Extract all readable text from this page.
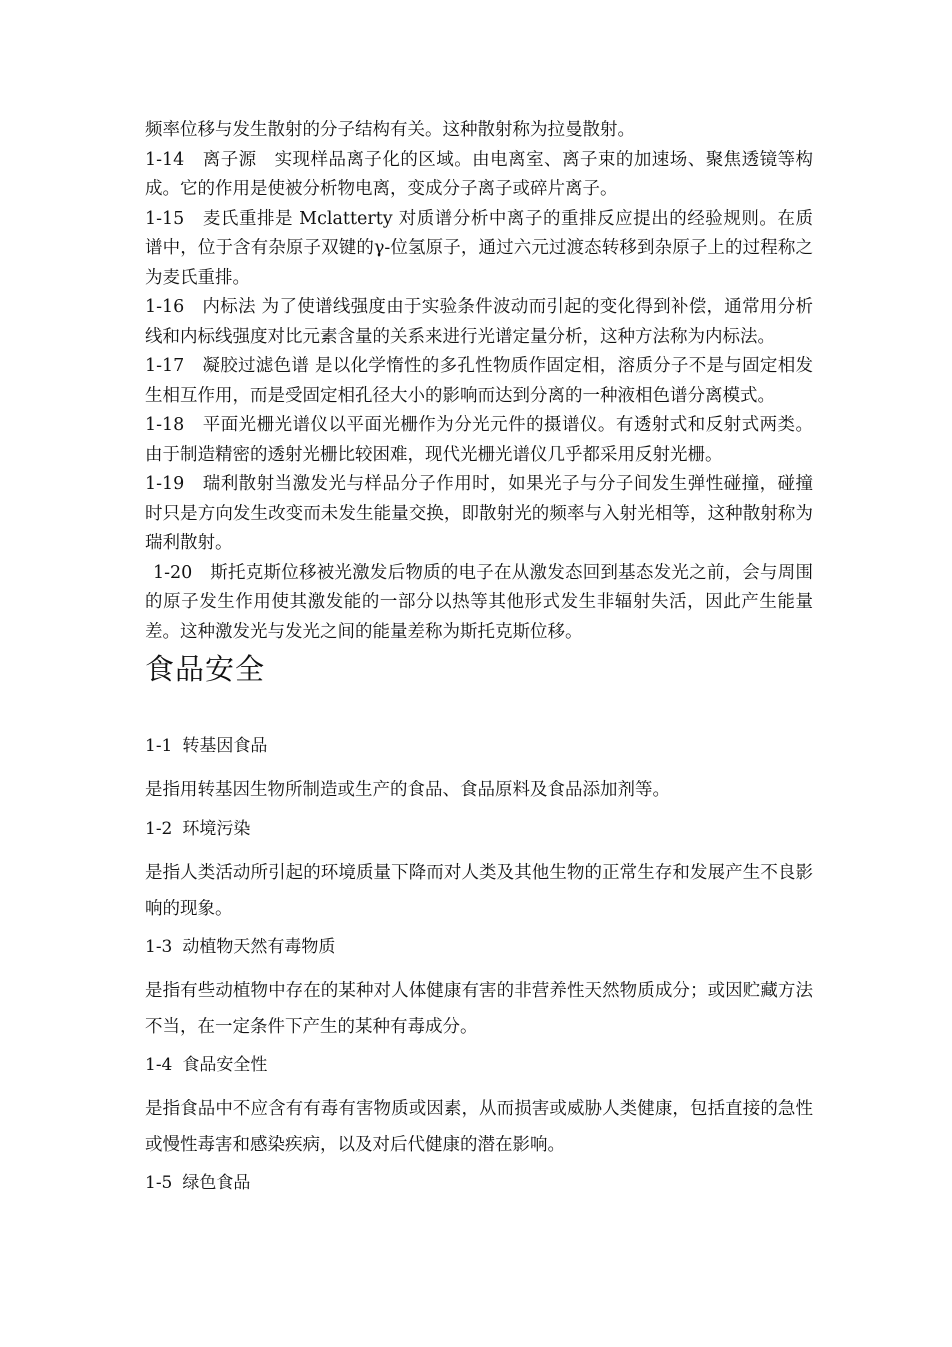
频率位移与发生散射的分子结构有关。这种散射称为拉曼散射。

1-14　离子源　实现样品离子化的区域。由电离室、离子束的加速场、聚焦透镜等构成。它的作用是使被分析物电离，变成分子离子或碎片离子。

1-15　麦氏重排是 Mclatterty 对质谱分析中离子的重排反应提出的经验规则。在质谱中，位于含有杂原子双键的γ-位氢原子，通过六元过渡态转移到杂原子上的过程称之为麦氏重排。

1-16　内标法 为了使谱线强度由于实验条件波动而引起的变化得到补偿，通常用分析线和内标线强度对比元素含量的关系来进行光谱定量分析，这种方法称为内标法。

1-17　凝胶过滤色谱 是以化学惰性的多孔性物质作固定相，溶质分子不是与固定相发生相互作用，而是受固定相孔径大小的影响而达到分离的一种液相色谱分离模式。

1-18　平面光栅光谱仪以平面光栅作为分光元件的摄谱仪。有透射式和反射式两类。由于制造精密的透射光栅比较困难，现代光栅光谱仪几乎都采用反射光栅。

1-19　瑞利散射当激发光与样品分子作用时，如果光子与分子间发生弹性碰撞，碰撞时只是方向发生改变而未发生能量交换，即散射光的频率与入射光相等，这种散射称为瑞利散射。

1-20　斯托克斯位移被光激发后物质的电子在从激发态回到基态发光之前，会与周围的原子发生作用使其激发能的一部分以热等其他形式发生非辐射失活，因此产生能量差。这种激发光与发光之间的能量差称为斯托克斯位移。

食品安全
1-1 转基因食品

是指用转基因生物所制造或生产的食品、食品原料及食品添加剂等。

1-2 环境污染

是指人类活动所引起的环境质量下降而对人类及其他生物的正常生存和发展产生不良影响的现象。

1-3 动植物天然有毒物质

是指有些动植物中存在的某种对人体健康有害的非营养性天然物质成分；或因贮藏方法不当，在一定条件下产生的某种有毒成分。

1-4 食品安全性

是指食品中不应含有有毒有害物质或因素，从而损害或威胁人类健康，包括直接的急性或慢性毒害和感染疾病，以及对后代健康的潜在影响。

1-5 绿色食品
